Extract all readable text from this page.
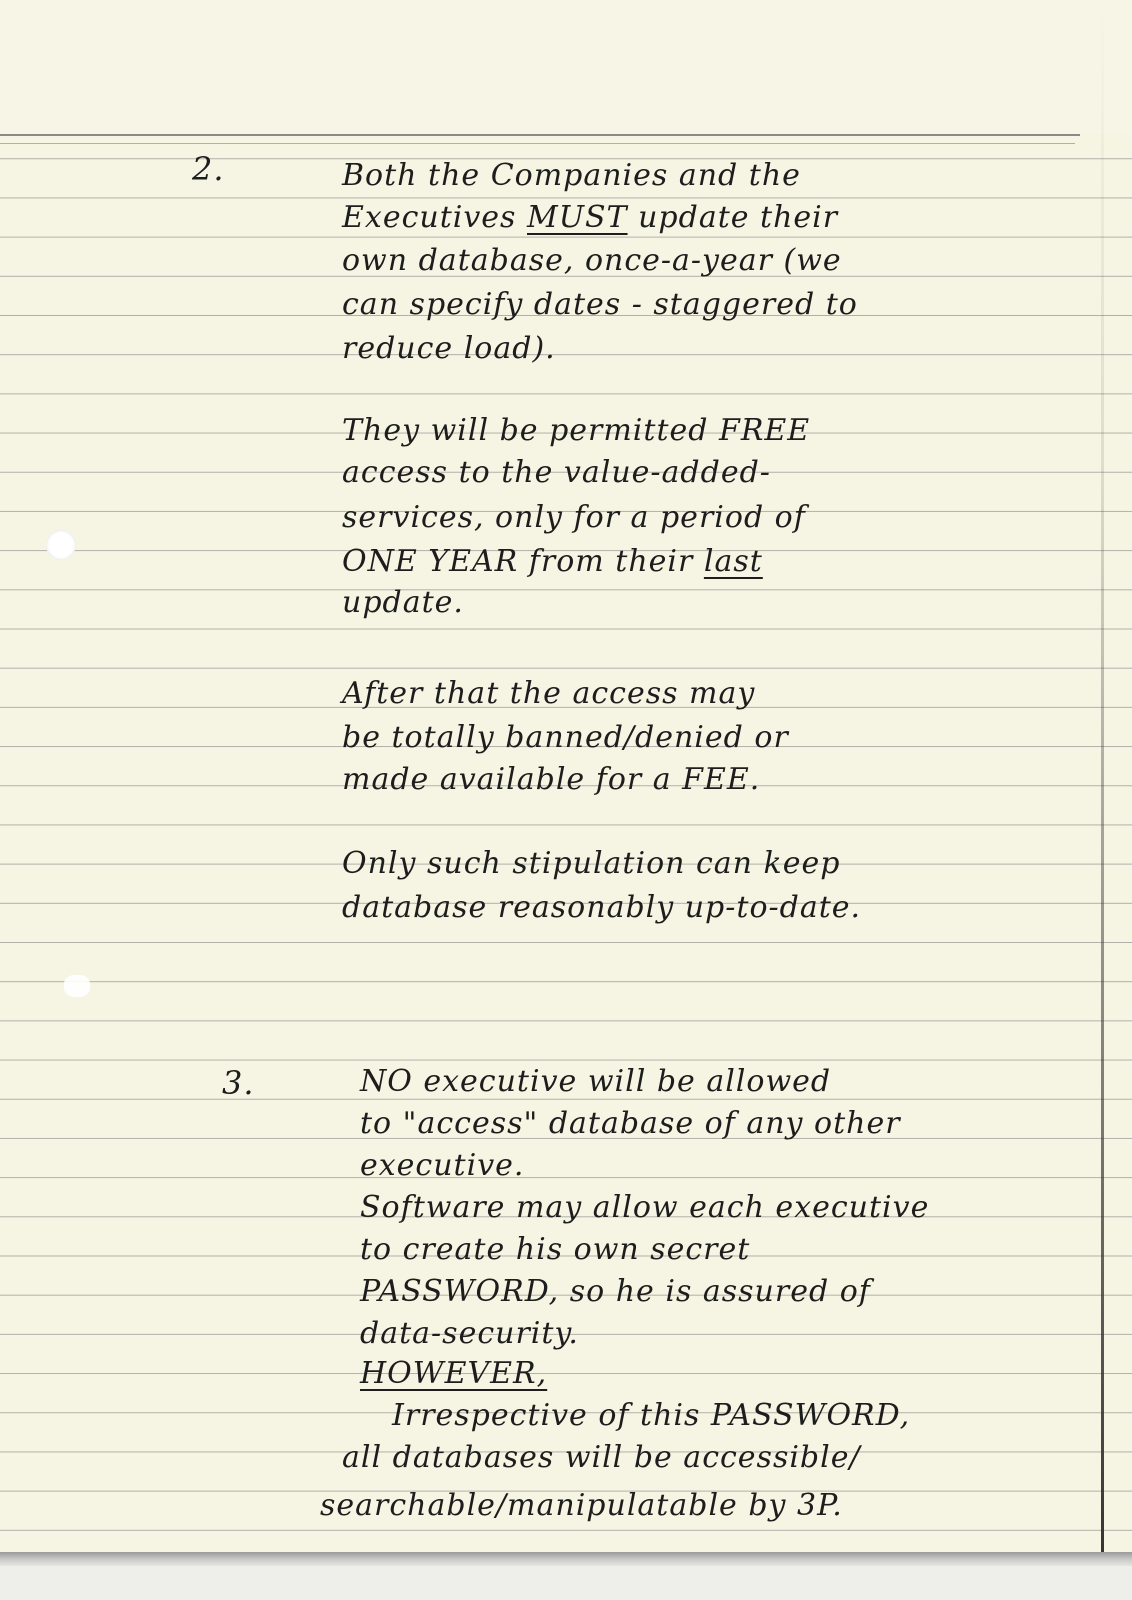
2.	Both the Companies and the
Executives MUST update their
own database, once-a-year (we
can specify dates - staggered to
reduce load).
They will be permitted FREE
access to the value-added-
services, only for a period of
ONE YEAR from their last
update.
After that the access may
be totally banned/denied or
made available for a FEE.
Only such stipulation can keep
database reasonably up-to-date.
3.	NO executive will be allowed
to "access" database of any other
executive.
Software may allow each executive
to create his own secret
PASSWORD, so he is assured of
data-security.
HOWEVER,
Irrespective of this PASSWORD,
all databases will be accessible/
searchable/manipulatable by 3P.
